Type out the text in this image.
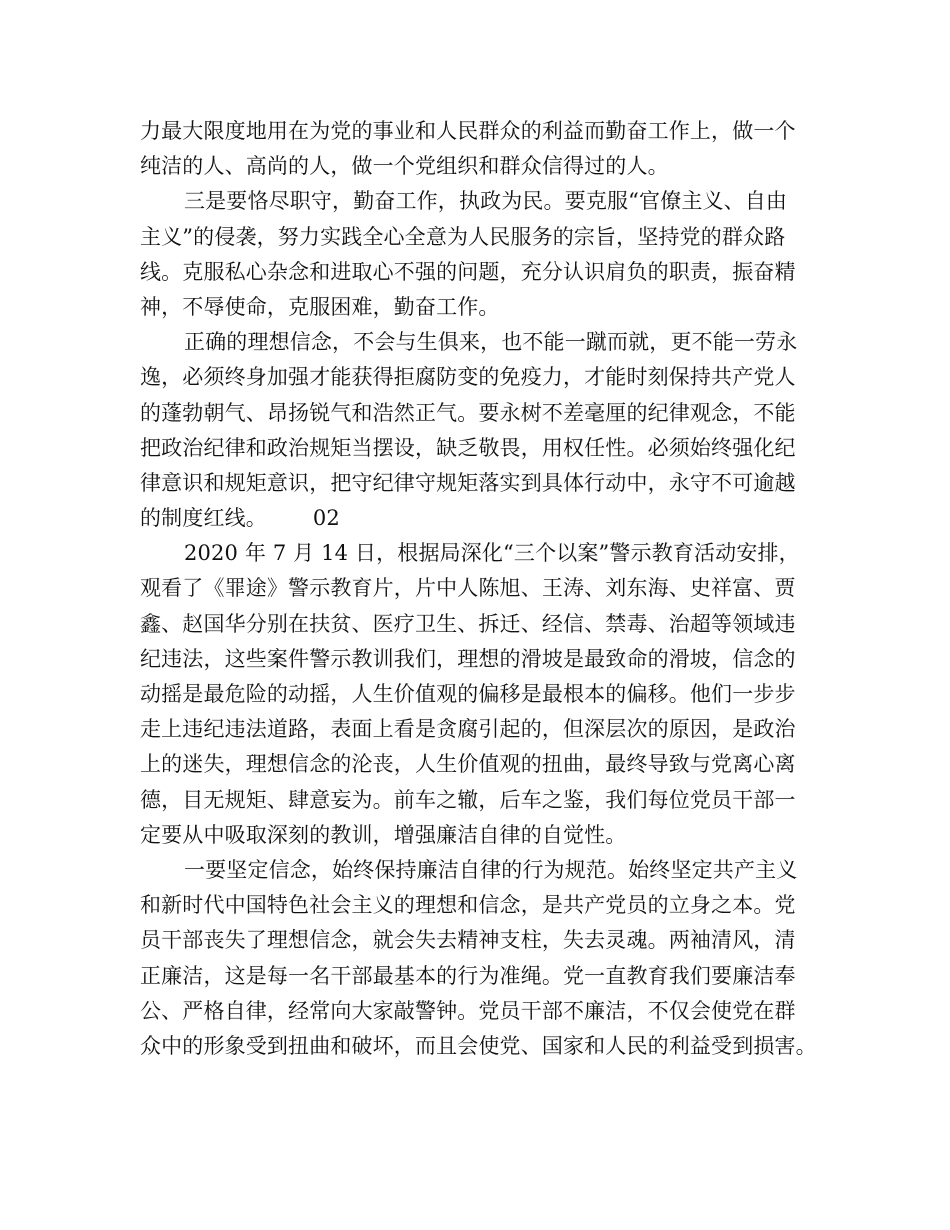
力最大限度地用在为党的事业和人民群众的利益而勤奋工作上，做一个
纯洁的人、高尚的人，做一个党组织和群众信得过的人。
三是要恪尽职守，勤奋工作，执政为民。要克服“官僚主义、自由
主义”的侵袭，努力实践全心全意为人民服务的宗旨，坚持党的群众路
线。克服私心杂念和进取心不强的问题，充分认识肩负的职责，振奋精
神，不辱使命，克服困难，勤奋工作。
正确的理想信念，不会与生俱来，也不能一蹴而就，更不能一劳永
逸，必须终身加强才能获得拒腐防变的免疫力，才能时刻保持共产党人
的蓬勃朝气、昂扬锐气和浩然正气。要永树不差毫厘的纪律观念，不能
把政治纪律和政治规矩当摆设，缺乏敬畏，用权任性。必须始终强化纪
律意识和规矩意识，把守纪律守规矩落实到具体行动中，永守不可逾越
的制度红线。 02
2020 年 7 月 14 日，根据局深化“三个以案”警示教育活动安排，
观看了《罪途》警示教育片，片中人陈旭、王涛、刘东海、史祥富、贾
鑫、赵国华分别在扶贫、医疗卫生、拆迁、经信、禁毒、治超等领域违
纪违法，这些案件警示教训我们，理想的滑坡是最致命的滑坡，信念的
动摇是最危险的动摇，人生价值观的偏移是最根本的偏移。他们一步步
走上违纪违法道路，表面上看是贪腐引起的，但深层次的原因，是政治
上的迷失，理想信念的沦丧，人生价值观的扭曲，最终导致与党离心离
德，目无规矩、肆意妄为。前车之辙，后车之鉴，我们每位党员干部一
定要从中吸取深刻的教训，增强廉洁自律的自觉性。
一要坚定信念，始终保持廉洁自律的行为规范。始终坚定共产主义
和新时代中国特色社会主义的理想和信念，是共产党员的立身之本。党
员干部丧失了理想信念，就会失去精神支柱，失去灵魂。两袖清风，清
正廉洁，这是每一名干部最基本的行为准绳。党一直教育我们要廉洁奉
公、严格自律，经常向大家敲警钟。党员干部不廉洁，不仅会使党在群
众中的形象受到扭曲和破坏，而且会使党、国家和人民的利益受到损害。
